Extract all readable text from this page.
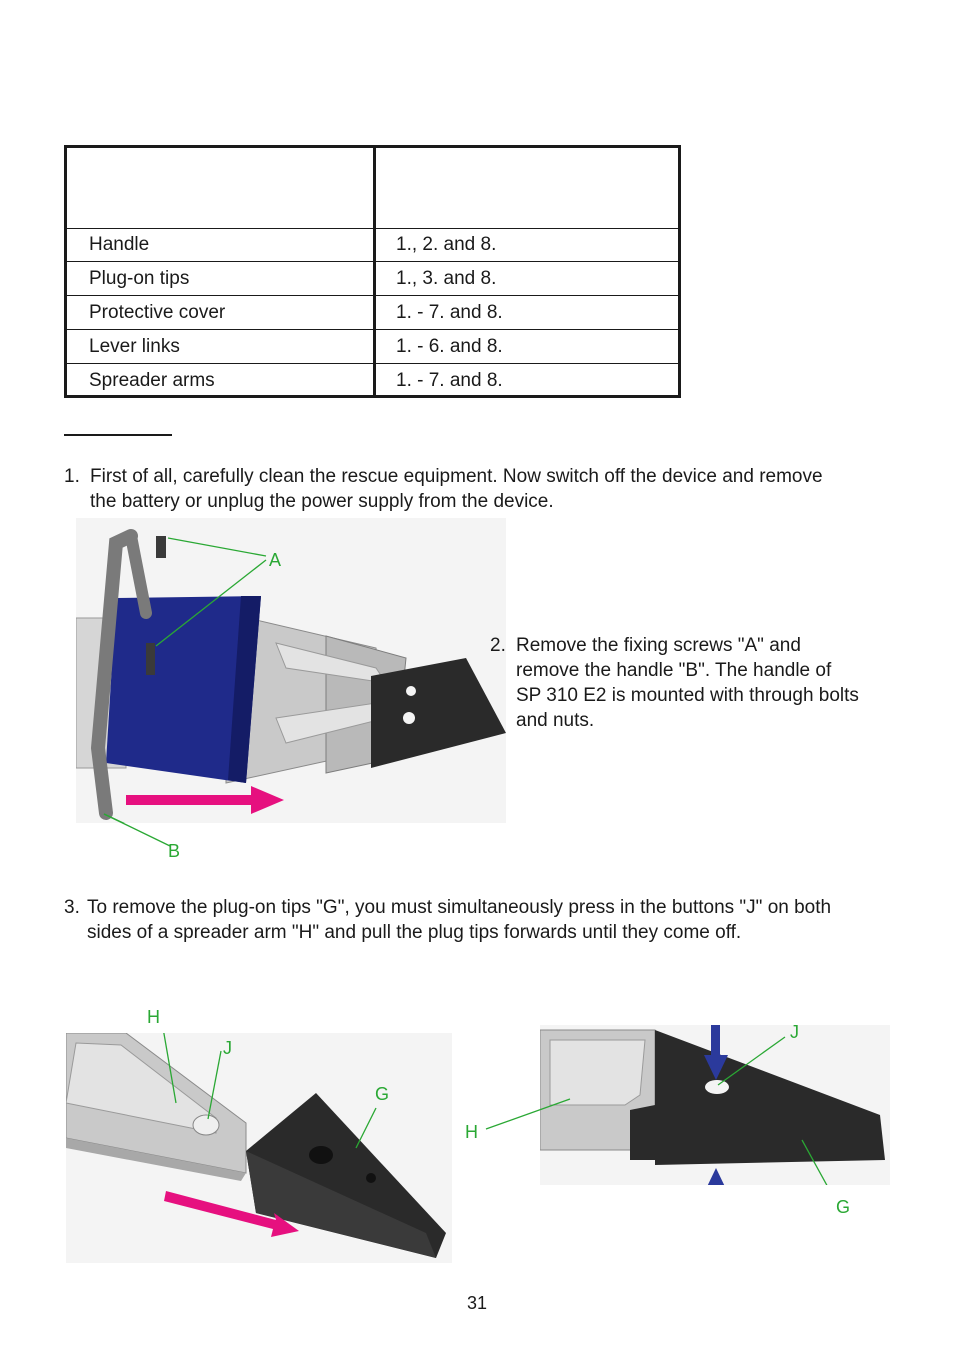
Handle	1., 2. and 8.
Plug-on tips	1., 3. and 8.
Protective cover	1. - 7. and 8.
Lever links	1. - 6. and 8.
Spreader arms	1. - 7. and 8.
1. First of all, carefully clean the rescue equipment. Now switch off the device and remove
the battery or unplug the power supply from the device.
A
B
2. Remove the fixing screws "A" and
remove the handle "B". The handle of
SP 310 E2 is mounted with through bolts
and nuts.
3. To remove the plug-on tips "G", you must simultaneously press in the buttons "J" on both
sides of a spreader arm "H" and pull the plug tips forwards until they come off.
H
J
G
J
H
G
31
